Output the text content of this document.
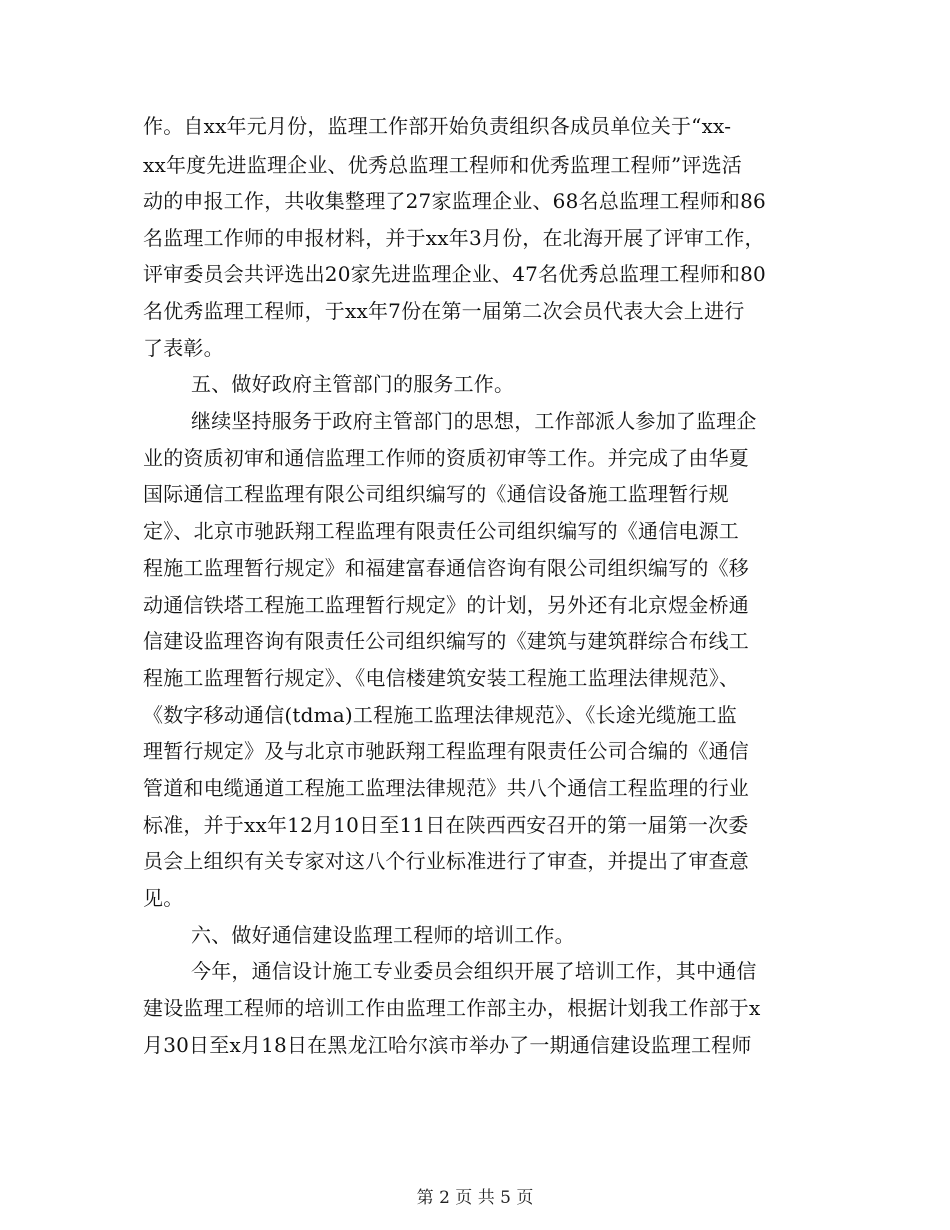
作。自xx年元月份，监理工作部开始负责组织各成员单位关于“xx-
xx年度先进监理企业、优秀总监理工程师和优秀监理工程师”评选活
动的申报工作，共收集整理了27家监理企业、68名总监理工程师和86
名监理工作师的申报材料，并于xx年3月份，在北海开展了评审工作，
评审委员会共评选出20家先进监理企业、47名优秀总监理工程师和80
名优秀监理工程师，于xx年7份在第一届第二次会员代表大会上进行
了表彰。
五、做好政府主管部门的服务工作。
继续坚持服务于政府主管部门的思想，工作部派人参加了监理企
业的资质初审和通信监理工作师的资质初审等工作。并完成了由华夏
国际通信工程监理有限公司组织编写的《通信设备施工监理暂行规
定》、北京市驰跃翔工程监理有限责任公司组织编写的《通信电源工
程施工监理暂行规定》和福建富春通信咨询有限公司组织编写的《移
动通信铁塔工程施工监理暂行规定》的计划，另外还有北京煜金桥通
信建设监理咨询有限责任公司组织编写的《建筑与建筑群综合布线工
程施工监理暂行规定》、《电信楼建筑安装工程施工监理法律规范》、
《数字移动通信(tdma)工程施工监理法律规范》、《长途光缆施工监
理暂行规定》及与北京市驰跃翔工程监理有限责任公司合编的《通信
管道和电缆通道工程施工监理法律规范》共八个通信工程监理的行业
标准，并于xx年12月10日至11日在陕西西安召开的第一届第一次委
员会上组织有关专家对这八个行业标准进行了审查，并提出了审查意
见。
六、做好通信建设监理工程师的培训工作。
今年，通信设计施工专业委员会组织开展了培训工作，其中通信
建设监理工程师的培训工作由监理工作部主办，根据计划我工作部于x
月30日至x月18日在黑龙江哈尔滨市举办了一期通信建设监理工程师
第 2 页 共 5 页
